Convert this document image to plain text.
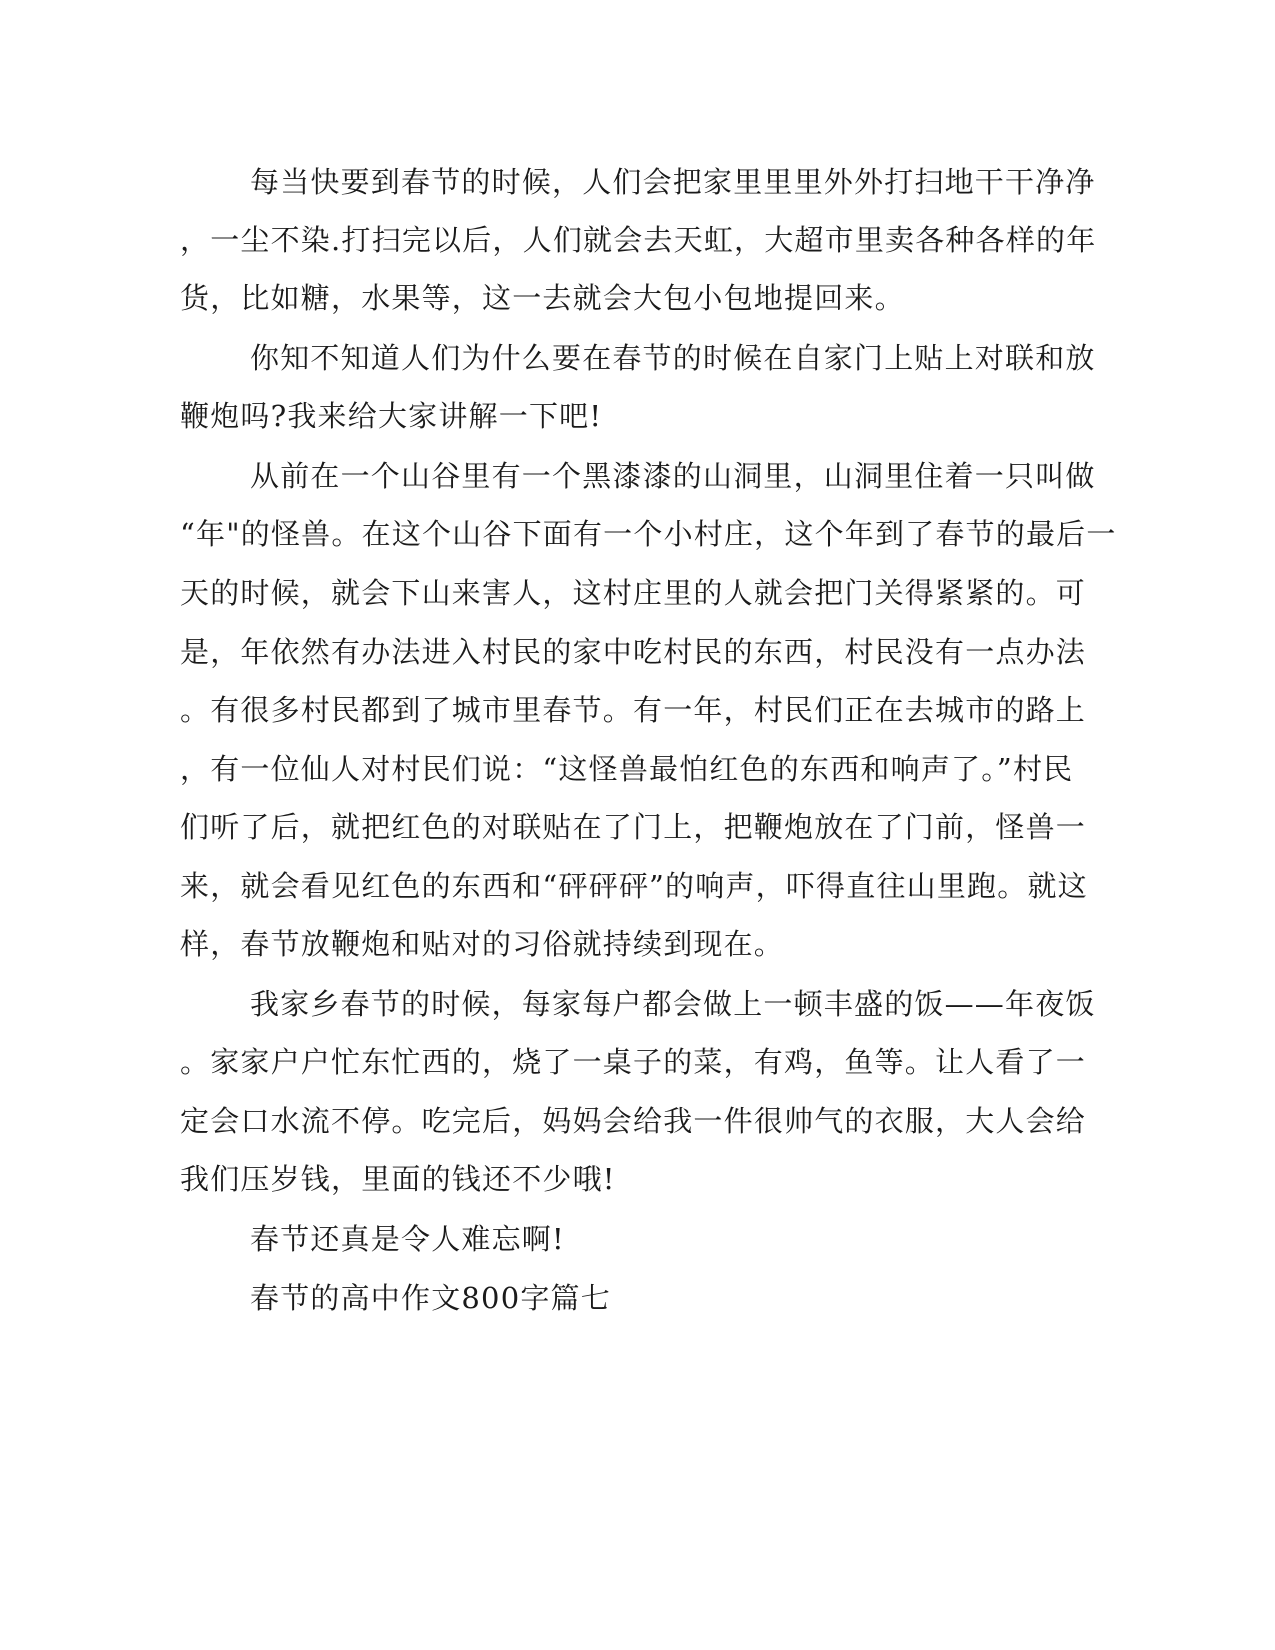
每当快要到春节的时候，人们会把家里里里外外打扫地干干净净
，一尘不染.打扫完以后，人们就会去天虹，大超市里卖各种各样的年
货，比如糖，水果等，这一去就会大包小包地提回来。
你知不知道人们为什么要在春节的时候在自家门上贴上对联和放
鞭炮吗?我来给大家讲解一下吧!
从前在一个山谷里有一个黑漆漆的山洞里，山洞里住着一只叫做
“年"的怪兽。在这个山谷下面有一个小村庄，这个年到了春节的最后一
天的时候，就会下山来害人，这村庄里的人就会把门关得紧紧的。可
是，年依然有办法进入村民的家中吃村民的东西，村民没有一点办法
。有很多村民都到了城市里春节。有一年，村民们正在去城市的路上
，有一位仙人对村民们说：“这怪兽最怕红色的东西和响声了。”村民
们听了后，就把红色的对联贴在了门上，把鞭炮放在了门前，怪兽一
来，就会看见红色的东西和“砰砰砰”的响声，吓得直往山里跑。就这
样，春节放鞭炮和贴对的习俗就持续到现在。
我家乡春节的时候，每家每户都会做上一顿丰盛的饭——年夜饭
。家家户户忙东忙西的，烧了一桌子的菜，有鸡，鱼等。让人看了一
定会口水流不停。吃完后，妈妈会给我一件很帅气的衣服，大人会给
我们压岁钱，里面的钱还不少哦!
春节还真是令人难忘啊!
春节的高中作文800字篇七
